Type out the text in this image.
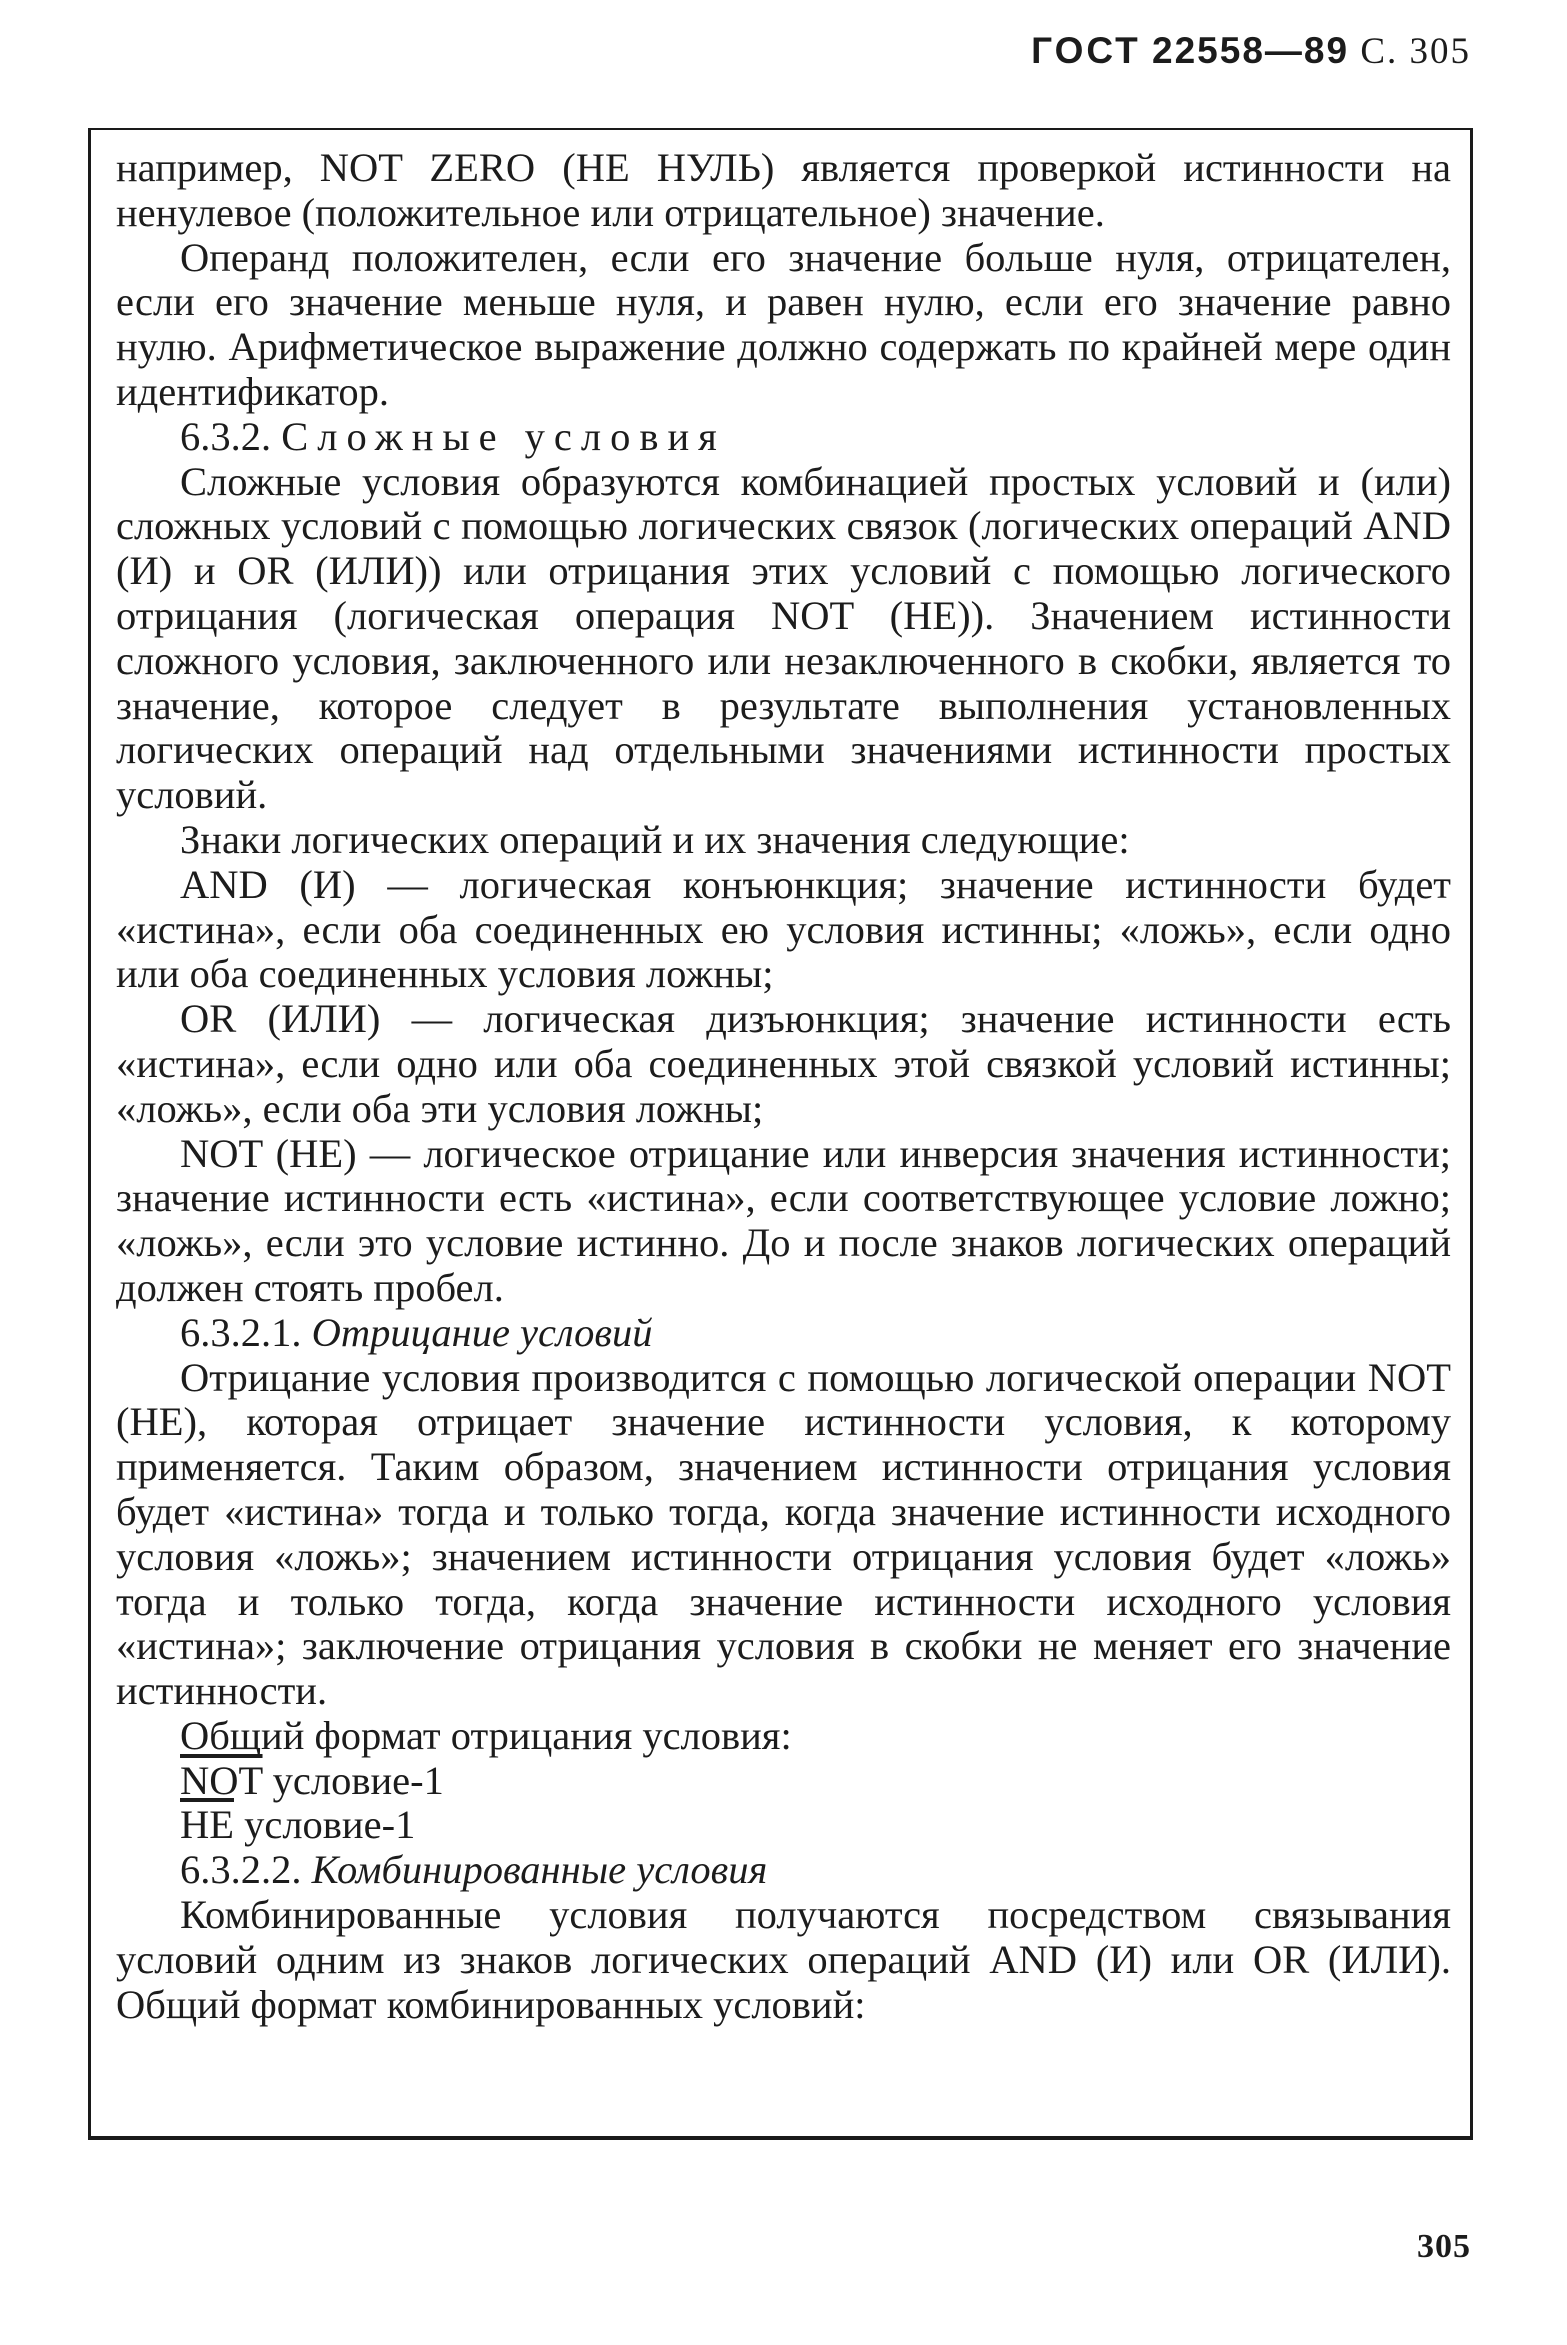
ГОСТ 22558—89 С. 305

например, NOT ZERO (НЕ НУЛЬ) является проверкой истинности на ненулевое (положительное или отрицательное) значение.

Операнд положителен, если его значение больше нуля, отрицателен, если его значение меньше нуля, и равен нулю, если его значение равно нулю. Арифметическое выражение должно содержать по крайней мере один идентификатор.

6.3.2. Сложные условия

Сложные условия образуются комбинацией простых условий и (или) сложных условий с помощью логических связок (логических операций AND (И) и OR (ИЛИ)) или отрицания этих условий с помощью логического отрицания (логическая операция NOT (НЕ)). Значением истинности сложного условия, заключенного или незаключенного в скобки, является то значение, которое следует в результате выполнения установленных логических операций над отдельными значениями истинности простых условий.

Знаки логических операций и их значения следующие:

AND (И) — логическая конъюнкция; значение истинности будет «истина», если оба соединенных ею условия истинны; «ложь», если одно или оба соединенных условия ложны;

OR (ИЛИ) — логическая дизъюнкция; значение истинности есть «истина», если одно или оба соединенных этой связкой условий истинны; «ложь», если оба эти условия ложны;

NOT (НЕ) — логическое отрицание или инверсия значения истинности; значение истинности есть «истина», если соответствующее условие ложно; «ложь», если это условие истинно. До и после знаков логических операций должен стоять пробел.

6.3.2.1. Отрицание условий

Отрицание условия производится с помощью логической операции NOT (НЕ), которая отрицает значение истинности условия, к которому применяется. Таким образом, значением истинности отрицания условия будет «истина» тогда и только тогда, когда значение истинности исходного условия «ложь»; значением истинности отрицания условия будет «ложь» тогда и только тогда, когда значение истинности исходного условия «истина»; заключение отрицания условия в скобки не меняет его значение истинности.

Общий формат отрицания условия:

$\overline{NOT}$ условие-1

НЕ условие-1

6.3.2.2. Комбинированные условия

Комбинированные условия получаются посредством связывания условий одним из знаков логических операций AND (И) или OR (ИЛИ). Общий формат комбинированных условий:

305
